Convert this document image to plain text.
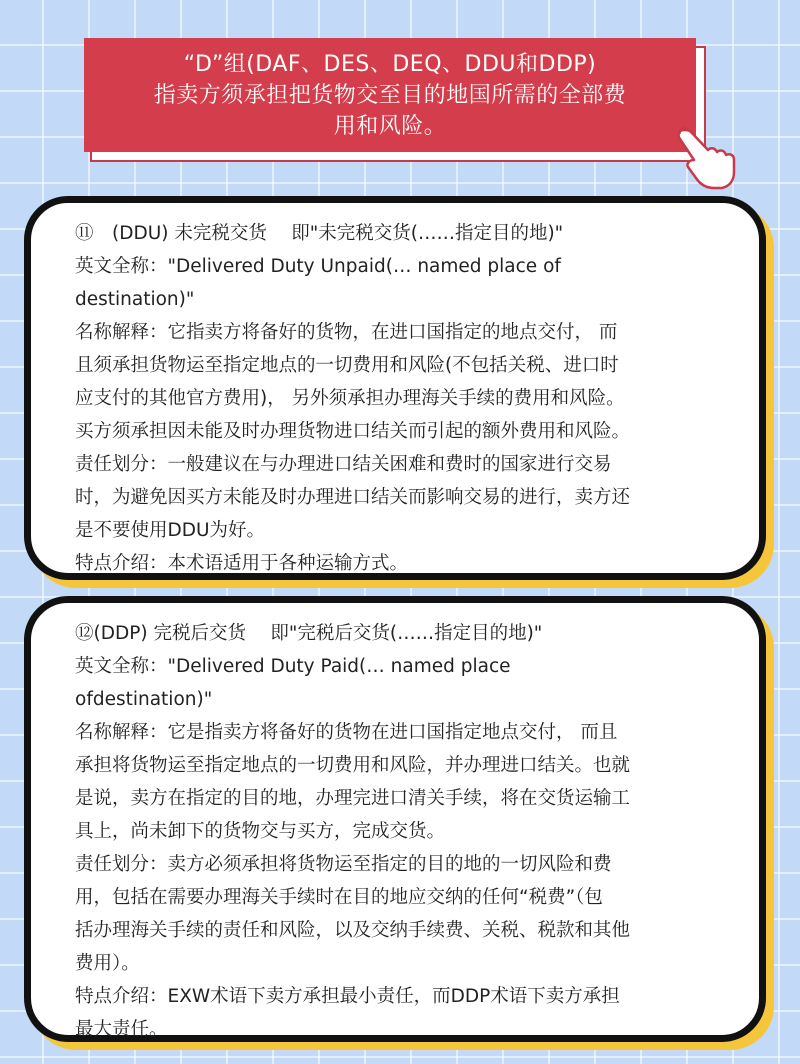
“D”组(DAF、DES、DEQ、DDU和DDP)
指卖方须承担把货物交至目的地国所需的全部费
用和风险。
⑪　(DDU) 未完税交货　 即"未完税交货(……指定目的地)"
英文全称："Delivered Duty Unpaid(… named place of
destination)"
名称解释：它指卖方将备好的货物，在进口国指定的地点交付， 而
且须承担货物运至指定地点的一切费用和风险(不包括关税、进口时
应支付的其他官方费用)， 另外须承担办理海关手续的费用和风险。
买方须承担因未能及时办理货物进口结关而引起的额外费用和风险。
责任划分：一般建议在与办理进口结关困难和费时的国家进行交易
时，为避免因买方未能及时办理进口结关而影响交易的进行，卖方还
是不要使用DDU为好。
特点介绍：本术语适用于各种运输方式。
⑫(DDP) 完税后交货　 即"完税后交货(……指定目的地)"
英文全称："Delivered Duty Paid(… named place
ofdestination)"
名称解释：它是指卖方将备好的货物在进口国指定地点交付， 而且
承担将货物运至指定地点的一切费用和风险，并办理进口结关。也就
是说，卖方在指定的目的地，办理完进口清关手续，将在交货运输工
具上，尚未卸下的货物交与买方，完成交货。
责任划分：卖方必须承担将货物运至指定的目的地的一切风险和费
用，包括在需要办理海关手续时在目的地应交纳的任何“税费”（包
括办理海关手续的责任和风险，以及交纳手续费、关税、税款和其他
费用）。
特点介绍：EXW术语下卖方承担最小责任，而DDP术语下卖方承担
最大责任。
